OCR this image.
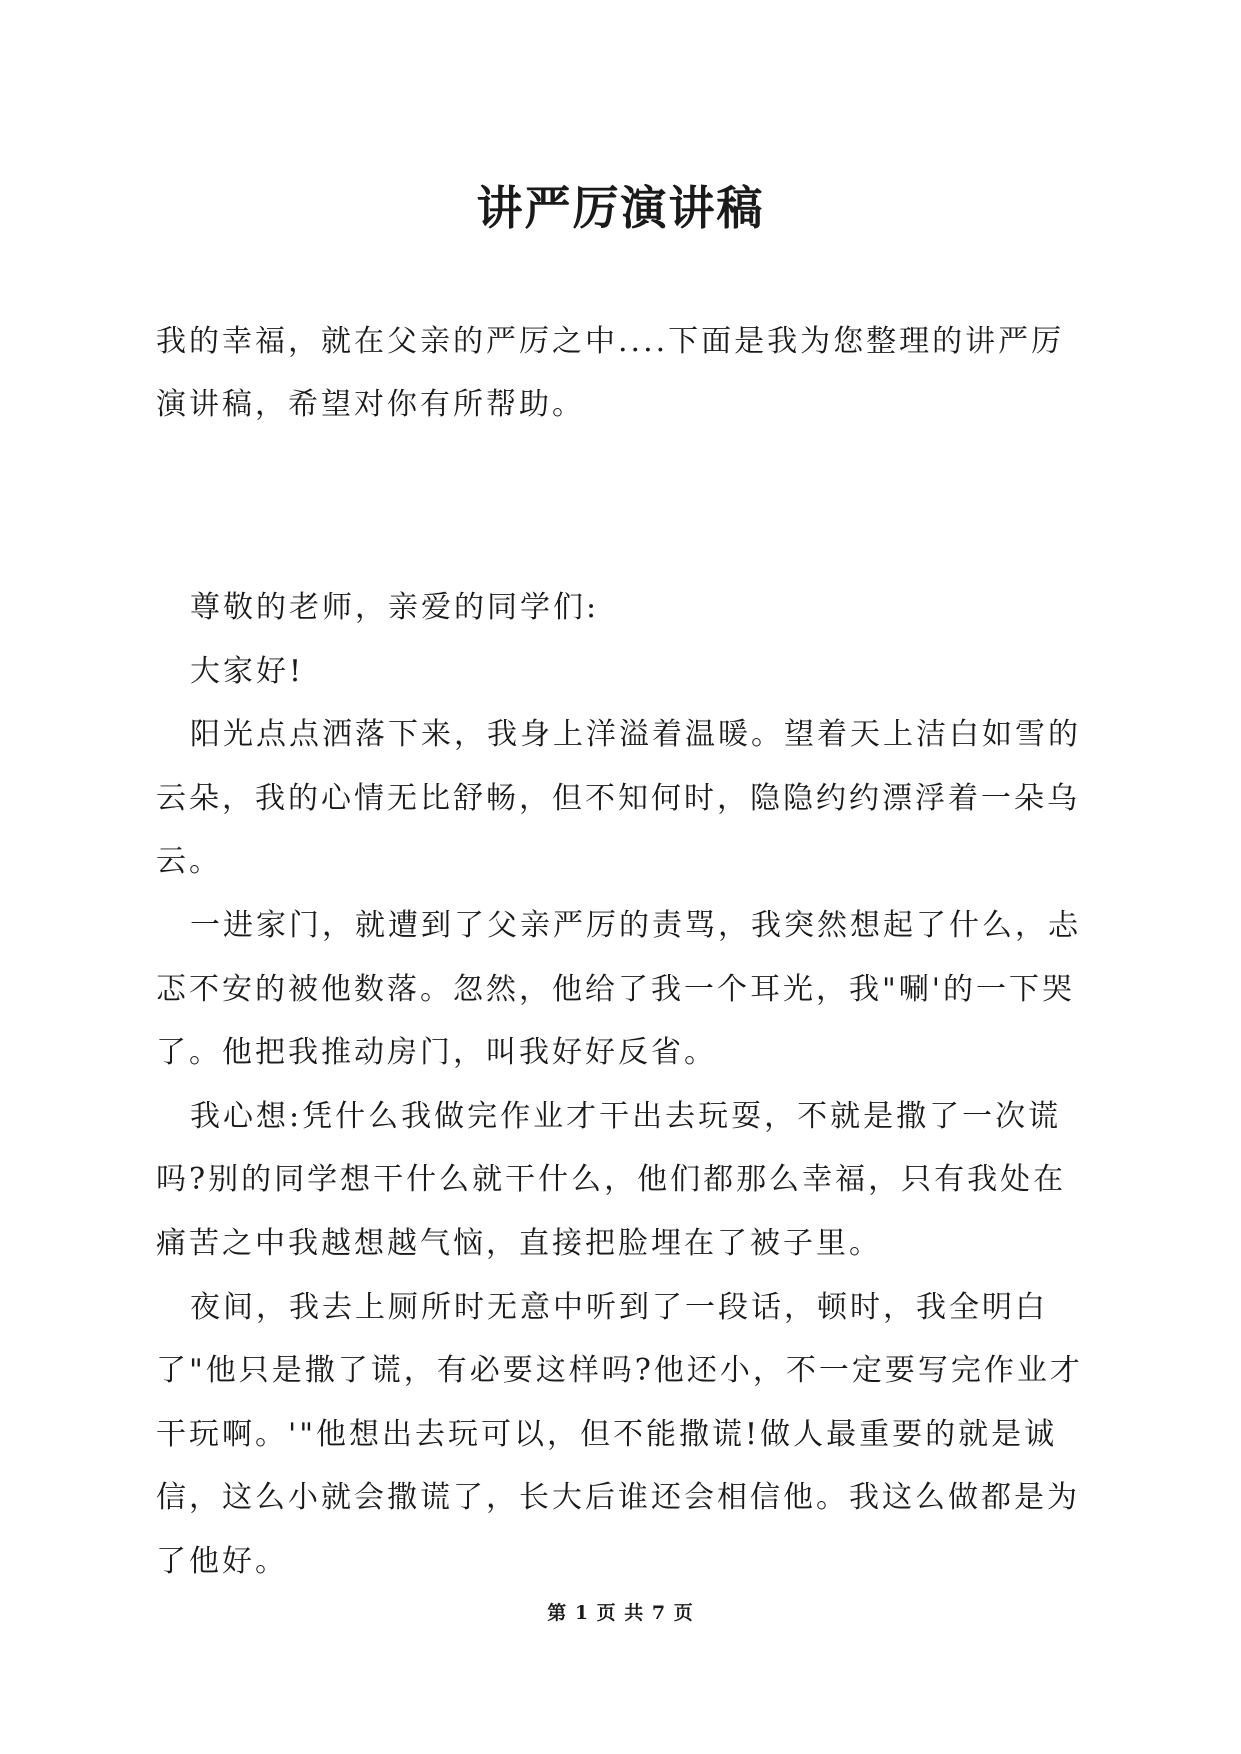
讲严厉演讲稿
我的幸福，就在父亲的严厉之中....下面是我为您整理的讲严厉演讲稿，希望对你有所帮助。

尊敬的老师，亲爱的同学们:

大家好!

阳光点点洒落下来，我身上洋溢着温暖。望着天上洁白如雪的云朵，我的心情无比舒畅，但不知何时，隐隐约约漂浮着一朵乌云。

一进家门，就遭到了父亲严厉的责骂，我突然想起了什么，忐忑不安的被他数落。忽然，他给了我一个耳光，我"唰'的一下哭了。他把我推动房门，叫我好好反省。

我心想:凭什么我做完作业才干出去玩耍，不就是撒了一次谎吗?别的同学想干什么就干什么，他们都那么幸福，只有我处在痛苦之中我越想越气恼，直接把脸埋在了被子里。

夜间，我去上厕所时无意中听到了一段话，顿时，我全明白了"他只是撒了谎，有必要这样吗?他还小，不一定要写完作业才干玩啊。'"他想出去玩可以，但不能撒谎!做人最重要的就是诚信，这么小就会撒谎了，长大后谁还会相信他。我这么做都是为了他好。

第 1 页 共 7 页
